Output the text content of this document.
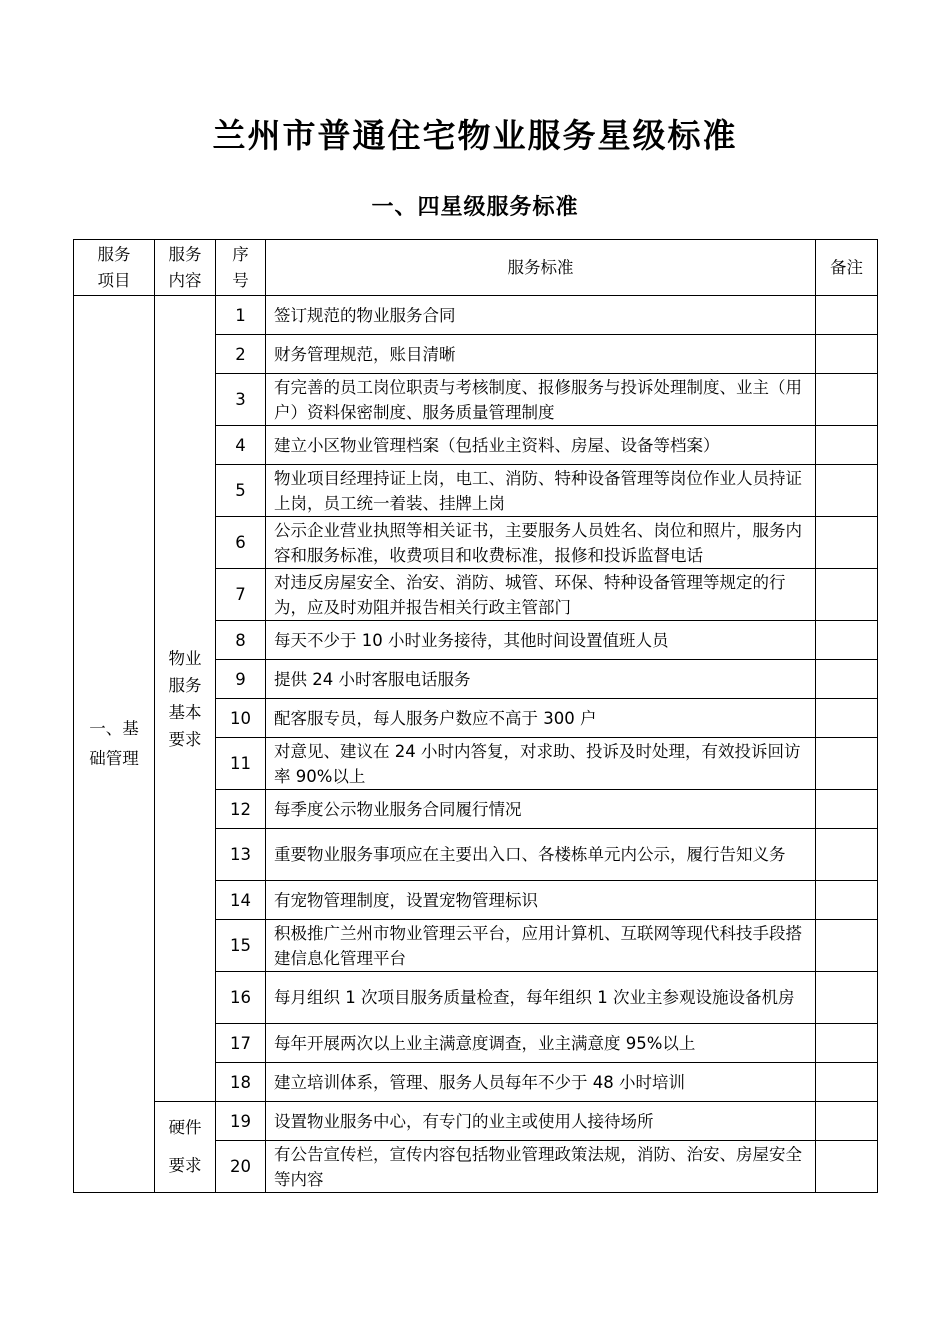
兰州市普通住宅物业服务星级标准
一、四星级服务标准
服务项目	服务内容	序号	服务标准	备注
一、基础管理	物业服务基本要求	1	签订规范的物业服务合同	
		2	财务管理规范，账目清晰	
		3	有完善的员工岗位职责与考核制度、报修服务与投诉处理制度、业主（用户）资料保密制度、服务质量管理制度	
		4	建立小区物业管理档案（包括业主资料、房屋、设备等档案）	
		5	物业项目经理持证上岗，电工、消防、特种设备管理等岗位作业人员持证上岗，员工统一着装、挂牌上岗	
		6	公示企业营业执照等相关证书，主要服务人员姓名、岗位和照片，服务内容和服务标准，收费项目和收费标准，报修和投诉监督电话	
		7	对违反房屋安全、治安、消防、城管、环保、特种设备管理等规定的行为，应及时劝阻并报告相关行政主管部门	
		8	每天不少于 10 小时业务接待，其他时间设置值班人员	
		9	提供 24 小时客服电话服务	
		10	配客服专员，每人服务户数应不高于 300 户	
		11	对意见、建议在 24 小时内答复，对求助、投诉及时处理，有效投诉回访率 90%以上	
		12	每季度公示物业服务合同履行情况	
		13	重要物业服务事项应在主要出入口、各楼栋单元内公示，履行告知义务	
		14	有宠物管理制度，设置宠物管理标识	
		15	积极推广兰州市物业管理云平台，应用计算机、互联网等现代科技手段搭建信息化管理平台	
		16	每月组织 1 次项目服务质量检查，每年组织 1 次业主参观设施设备机房	
		17	每年开展两次以上业主满意度调查，业主满意度 95%以上	
		18	建立培训体系，管理、服务人员每年不少于 48 小时培训	
	硬件要求	19	设置物业服务中心，有专门的业主或使用人接待场所	
		20	有公告宣传栏，宣传内容包括物业管理政策法规，消防、治安、房屋安全等内容	
